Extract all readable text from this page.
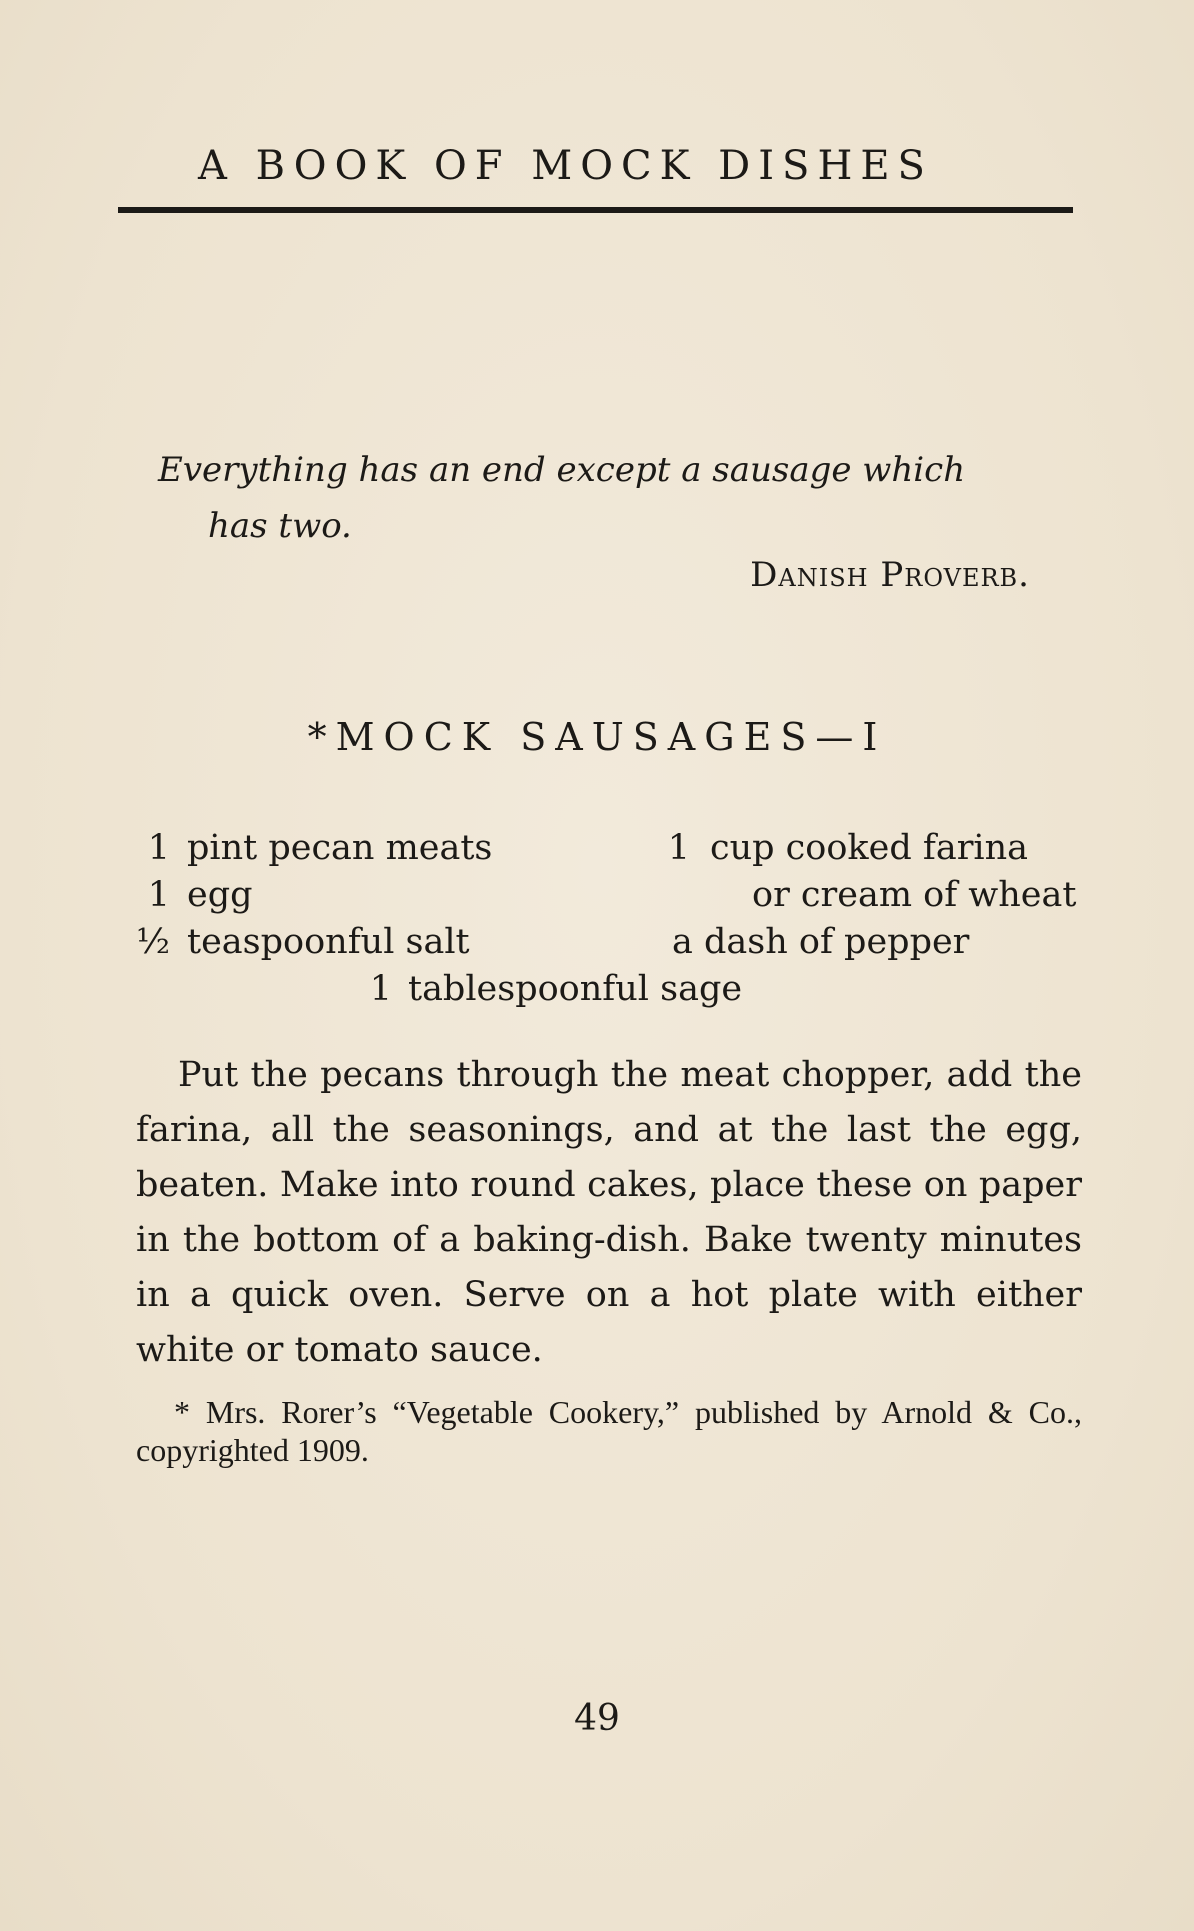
A BOOK OF MOCK DISHES
Everything has an end except a sausage which
has two.
Danish Proverb.
*MOCK SAUSAGES—I
1 pint pecan meats
1 egg
½ teaspoonful salt
1 cup cooked farina
or cream of wheat
a dash of pepper
1 tablespoonful sage

Put the pecans through the meat chopper, add the farina, all the seasonings, and at the last the egg, beaten. Make into round cakes, place these on paper in the bottom of a baking-dish. Bake twenty minutes in a quick oven. Serve on a hot plate with either white or tomato sauce.

* Mrs. Rorer’s “Vegetable Cookery,” published by Arnold & Co., copyrighted 1909.

49
